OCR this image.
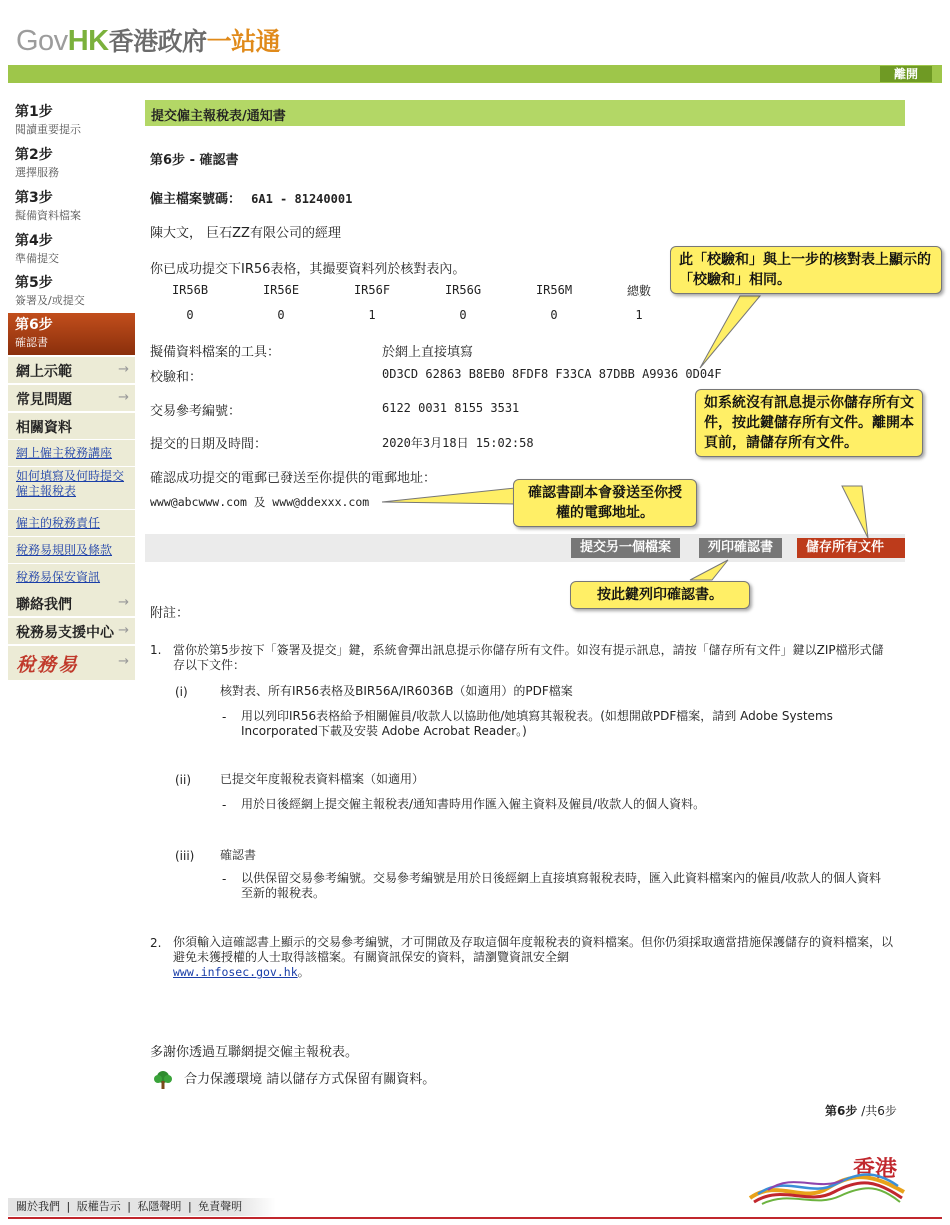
GovHK香港政府一站通
離開
第1步
閱讀重要提示
第2步
選擇服務
第3步
擬備資料檔案
第4步
準備提交
第5步
簽署及/或提交
第6步
確認書
網上示範	→
常見問題	→
相關資料
網上僱主稅務講座
如何填寫及何時提交僱主報稅表
僱主的稅務責任
稅務易規則及條款
稅務易保安資訊
聯絡我們	→
稅務易支援中心 →
稅務易	→
提交僱主報稅表/通知書
第6步 - 確認書
僱主檔案號碼： 6A1 - 81240001
陳大文， 巨石ZZ有限公司的經理
你已成功提交下IR56表格，其撮要資料列於核對表內。
IR56B	IR56E	IR56F	IR56G	IR56M	總數
0	0	1	0	0	1
擬備資料檔案的工具：	於網上直接填寫
校驗和：	0D3CD 62863 B8EB0 8FDF8 F33CA 87DBB A9936 0D04F
交易參考編號：	6122 0031 8155 3531
提交的日期及時間：	2020年3月18日 15:02:58
確認成功提交的電郵已發送至你提供的電郵地址：
www@abcwww.com 及 www@ddexxx.com
提交另一個檔案	列印確認書	儲存所有文件
此「校驗和」與上一步的核對表上顯示的「校驗和」相同。
如系統沒有訊息提示你儲存所有文件，按此鍵儲存所有文件。離開本頁前，請儲存所有文件。
確認書副本會發送至你授權的電郵地址。
按此鍵列印確認書。
附註：
1. 當你於第5步按下「簽署及提交」鍵，系統會彈出訊息提示你儲存所有文件。如沒有提示訊息，請按「儲存所有文件」鍵以ZIP檔形式儲存以下文件：
(i)	核對表、所有IR56表格及BIR56A/IR6036B（如適用）的PDF檔案
- 用以列印IR56表格給予相關僱員/收款人以協助他/她填寫其報稅表。(如想開啟PDF檔案，請到 Adobe Systems Incorporated下載及安裝 Adobe Acrobat Reader。)
(ii) 已提交年度報稅表資料檔案（如適用）
- 用於日後經網上提交僱主報稅表/通知書時用作匯入僱主資料及僱員/收款人的個人資料。
(iii) 確認書
- 以供保留交易參考編號。交易參考編號是用於日後經網上直接填寫報稅表時，匯入此資料檔案內的僱員/收款人的個人資料至新的報稅表。
2. 你須輸入這確認書上顯示的交易參考編號，才可開啟及存取這個年度報稅表的資料檔案。但你仍須採取適當措施保護儲存的資料檔案，以避免未獲授權的人士取得該檔案。有關資訊保安的資料，請瀏覽資訊安全網
www.infosec.gov.hk。
多謝你透過互聯網提交僱主報稅表。
合力保護環境 請以儲存方式保留有關資料。
第6步 /共6步
香港
關於我們 | 版權告示 | 私隱聲明 | 免責聲明
